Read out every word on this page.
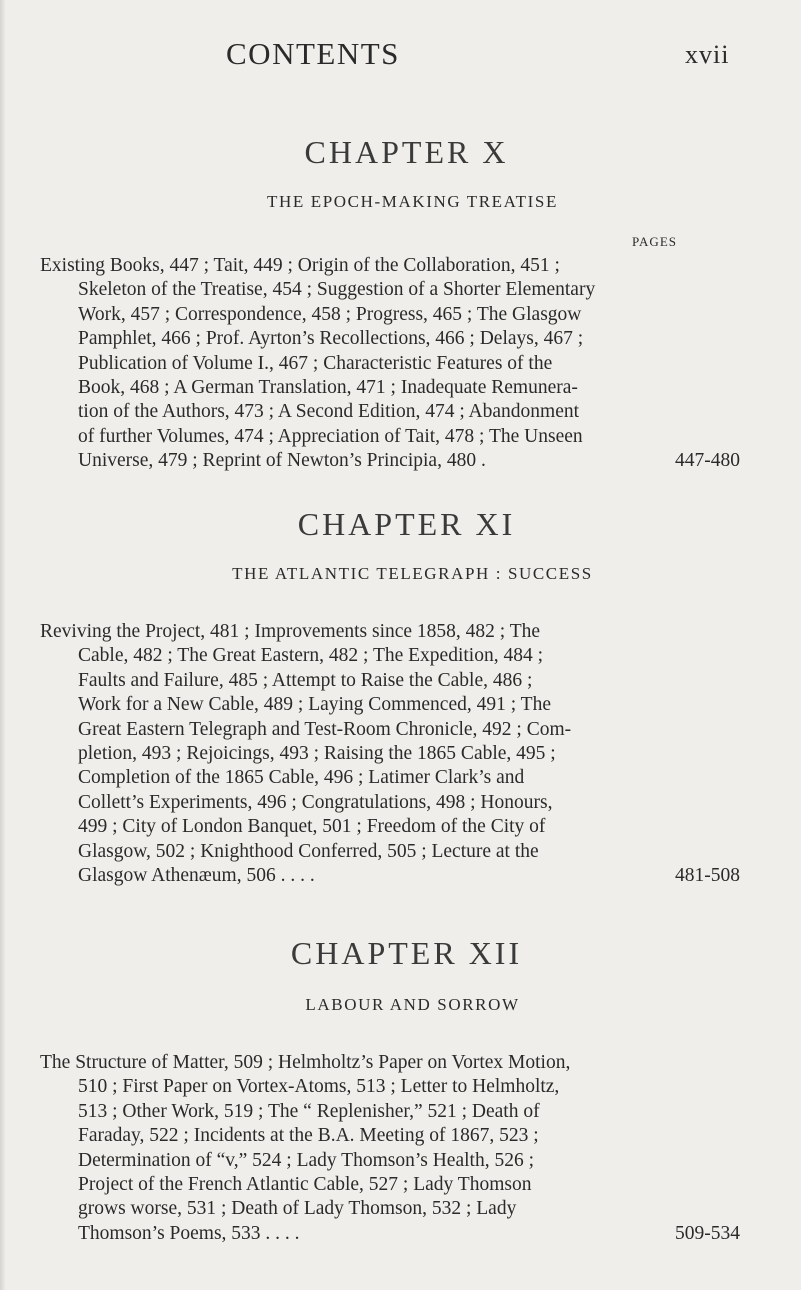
CONTENTS	xvii
CHAPTER X
THE EPOCH-MAKING TREATISE
PAGES
Existing Books, 447 ; Tait, 449 ; Origin of the Collaboration, 451 ;
Skeleton of the Treatise, 454 ; Suggestion of a Shorter Elementary
Work, 457 ; Correspondence, 458 ; Progress, 465 ; The Glasgow
Pamphlet, 466 ; Prof. Ayrton’s Recollections, 466 ; Delays, 467 ;
Publication of Volume I., 467 ; Characteristic Features of the
Book, 468 ; A German Translation, 471 ; Inadequate Remunera-
tion of the Authors, 473 ; A Second Edition, 474 ; Abandonment
of further Volumes, 474 ; Appreciation of Tait, 478 ; The Unseen
Universe, 479 ; Reprint of Newton’s Principia, 480 .	447-480
CHAPTER XI
THE ATLANTIC TELEGRAPH : SUCCESS
Reviving the Project, 481 ; Improvements since 1858, 482 ; The
Cable, 482 ; The Great Eastern, 482 ; The Expedition, 484 ;
Faults and Failure, 485 ; Attempt to Raise the Cable, 486 ;
Work for a New Cable, 489 ; Laying Commenced, 491 ; The
Great Eastern Telegraph and Test-Room Chronicle, 492 ; Com-
pletion, 493 ; Rejoicings, 493 ; Raising the 1865 Cable, 495 ;
Completion of the 1865 Cable, 496 ; Latimer Clark’s and
Collett’s Experiments, 496 ; Congratulations, 498 ; Honours,
499 ; City of London Banquet, 501 ; Freedom of the City of
Glasgow, 502 ; Knighthood Conferred, 505 ; Lecture at the
Glasgow Athenæum, 506 . . . .	481-508
CHAPTER XII
LABOUR AND SORROW
The Structure of Matter, 509 ; Helmholtz’s Paper on Vortex Motion,
510 ; First Paper on Vortex-Atoms, 513 ; Letter to Helmholtz,
513 ; Other Work, 519 ; The “ Replenisher,” 521 ; Death of
Faraday, 522 ; Incidents at the B.A. Meeting of 1867, 523 ;
Determination of “v,” 524 ; Lady Thomson’s Health, 526 ;
Project of the French Atlantic Cable, 527 ; Lady Thomson
grows worse, 531 ; Death of Lady Thomson, 532 ; Lady
Thomson’s Poems, 533 . . . .	509-534
